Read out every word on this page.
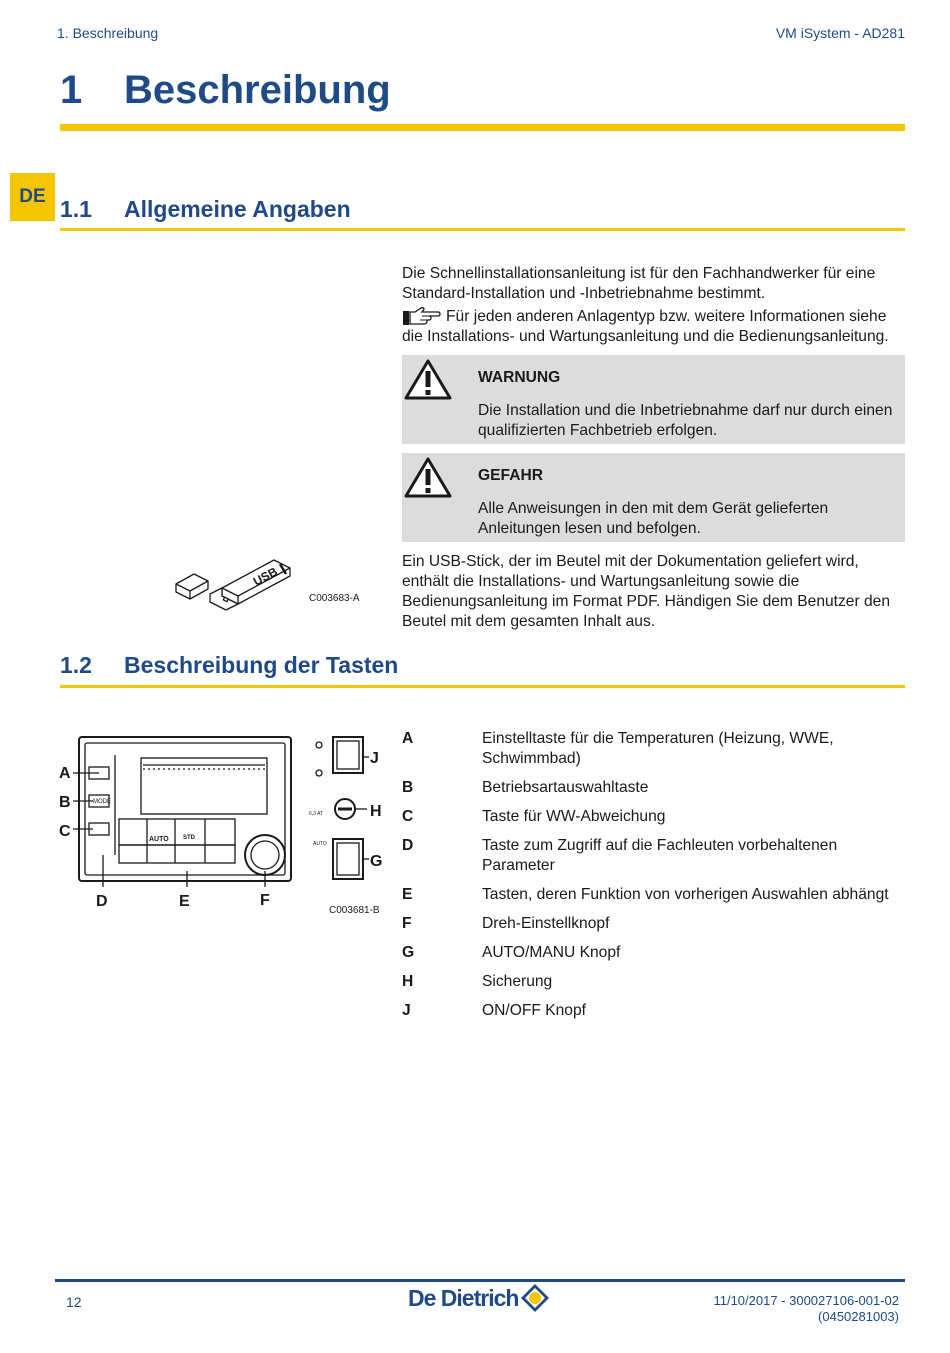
1. Beschreibung	VM iSystem - AD281
1 Beschreibung
DE 1.1 Allgemeine Angaben
Die Schnellinstallationsanleitung ist für den Fachhandwerker für eine Standard-Installation und -Inbetriebnahme bestimmt.
Für jeden anderen Anlagentyp bzw. weitere Informationen siehe die Installations- und Wartungsanleitung und die Bedienungsanleitung.
WARNUNG
Die Installation und die Inbetriebnahme darf nur durch einen qualifizierten Fachbetrieb erfolgen.
GEFAHR
Alle Anweisungen in den mit dem Gerät gelieferten Anleitungen lesen und befolgen.
USB
C003683-A
Ein USB-Stick, der im Beutel mit der Dokumentation geliefert wird, enthält die Installations- und Wartungsanleitung sowie die Bedienungsanleitung im Format PDF. Händigen Sie dem Benutzer den Beutel mit dem gesamten Inhalt aus.
1.2 Beschreibung der Tasten
MODE
AUTO STD
6,3 AT
AUTO
A
B
C
D	E	F
G
H
J
C003681-B
A	Einstelltaste für die Temperaturen (Heizung, WWE, Schwimmbad)
B	Betriebsartauswahltaste
C	Taste für WW-Abweichung
D	Taste zum Zugriff auf die Fachleuten vorbehaltenen Parameter
E	Tasten, deren Funktion von vorherigen Auswahlen abhängt
F	Dreh-Einstellknopf
G	AUTO/MANU Knopf
H	Sicherung
J	ON/OFF Knopf
12	De Dietrich	11/10/2017 - 300027106-001-02
(0450281003)
